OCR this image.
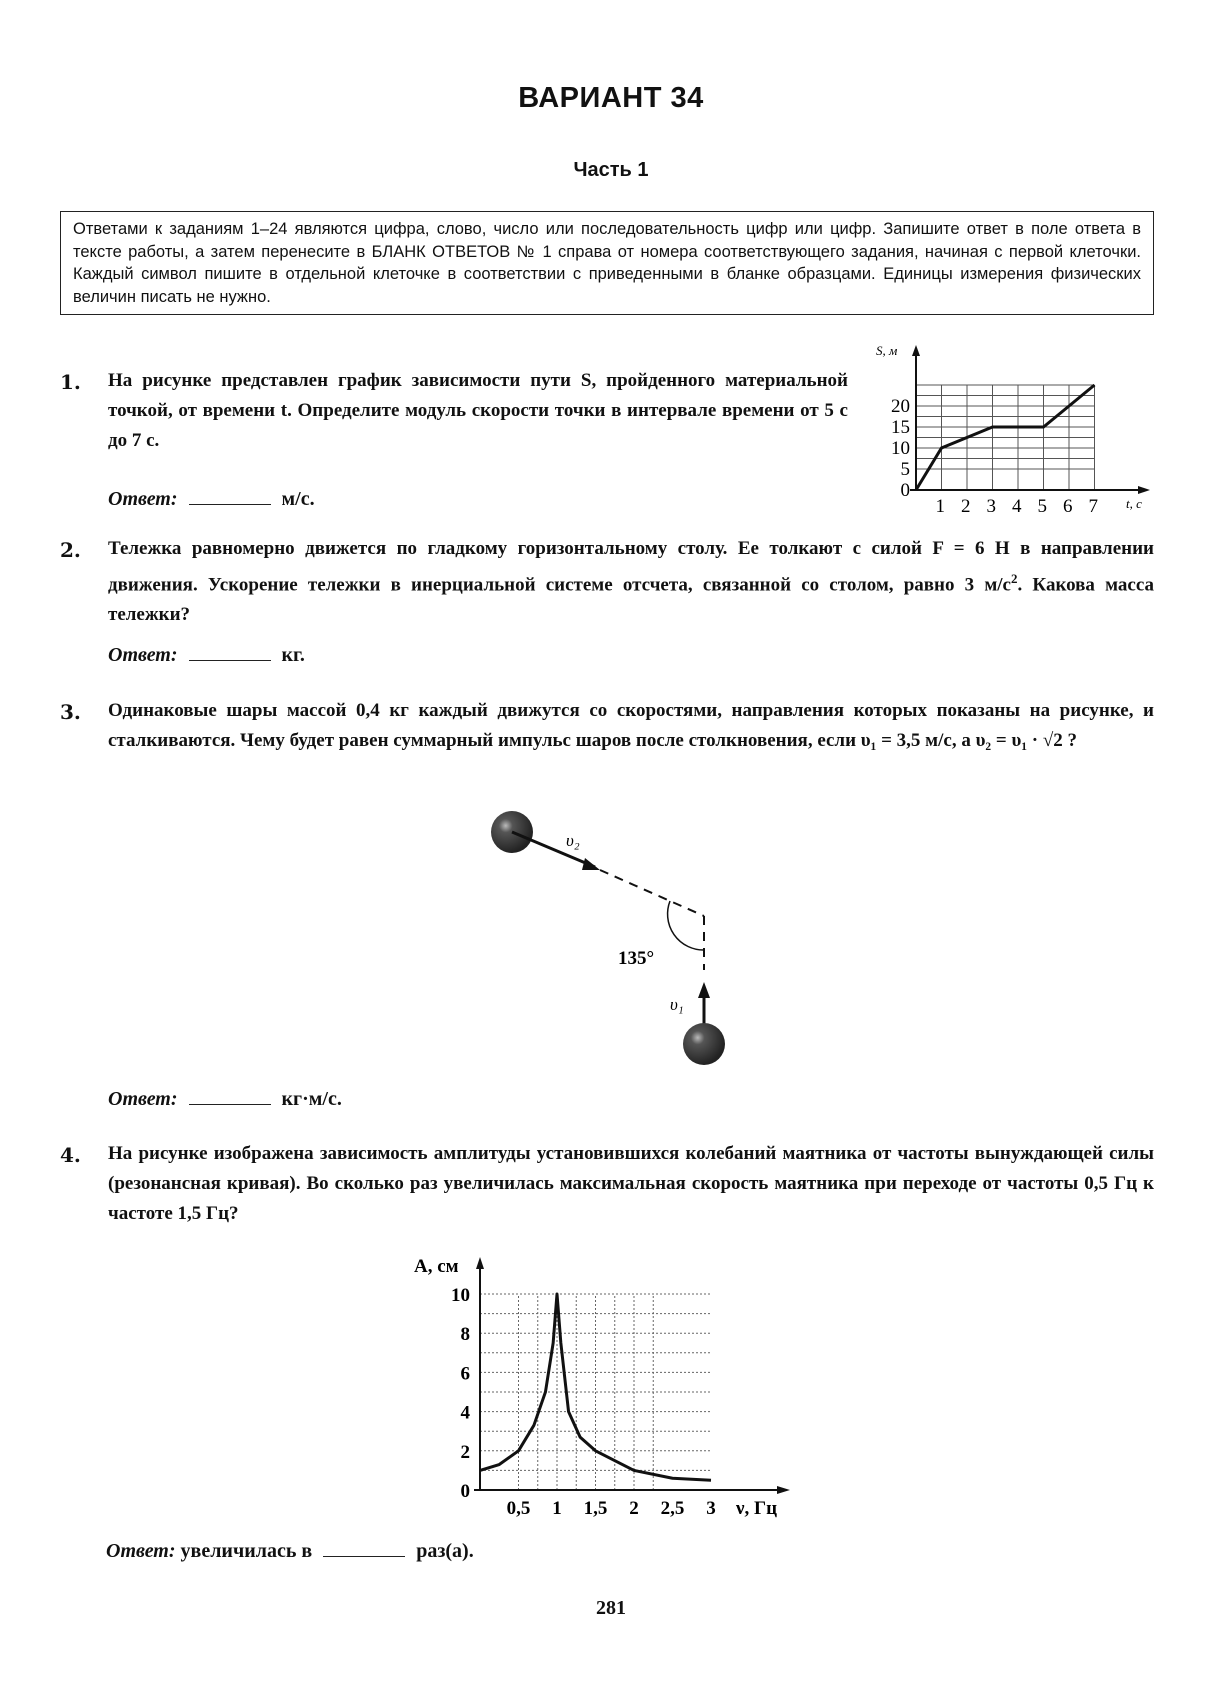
ВАРИАНТ 34
Часть 1
Ответами к заданиям 1–24 являются цифра, слово, число или последовательность цифр или цифр. Запишите ответ в поле ответа в тексте работы, а затем перенесите в БЛАНК ОТВЕТОВ № 1 справа от номера соответствующего задания, начиная с первой клеточки. Каждый символ пишите в отдельной клеточке в соответствии с приведенными в бланке образцами. Единицы измерения физических величин писать не нужно.
1. На рисунке представлен график зависимости пути S, пройденного материальной точкой, от времени t. Определите модуль скорости точки в интервале времени от 5 с до 7 с.
Ответ:	м/с.
S, м
t, с
1 2 3 4 5 6 7
0
5
10
15
20
2. Тележка равномерно движется по гладкому горизонтальному столу. Ее толкают с силой F = 6 Н в направлении движения. Ускорение тележки в инерциальной системе отсчета, связанной со столом, равно 3 $м/с^2$. Какова масса тележки?
Ответ:	кг.
3. Одинаковые шары массой 0,4 кг каждый движутся со скоростями, направления которых показаны на рисунке, и сталкиваются. Чему будет равен суммарный импульс шаров после столкновения, если υ₁ = 3,5 м/с, а υ₂ = υ₁ · √2 ?
135°
υ₂
υ₁
Ответ:	кг·м/с.
4. На рисунке изображена зависимость амплитуды установившихся колебаний маятника от частоты вынуждающей силы (резонансная кривая). Во сколько раз увеличилась максимальная скорость маятника при переходе от частоты 0,5 Гц к частоте 1,5 Гц?
A, см
ν, Гц
0,5 1 1,5 2 2,5 3
0
2
4
6
8
10
Ответ: увеличилась в	раз(а).
281
